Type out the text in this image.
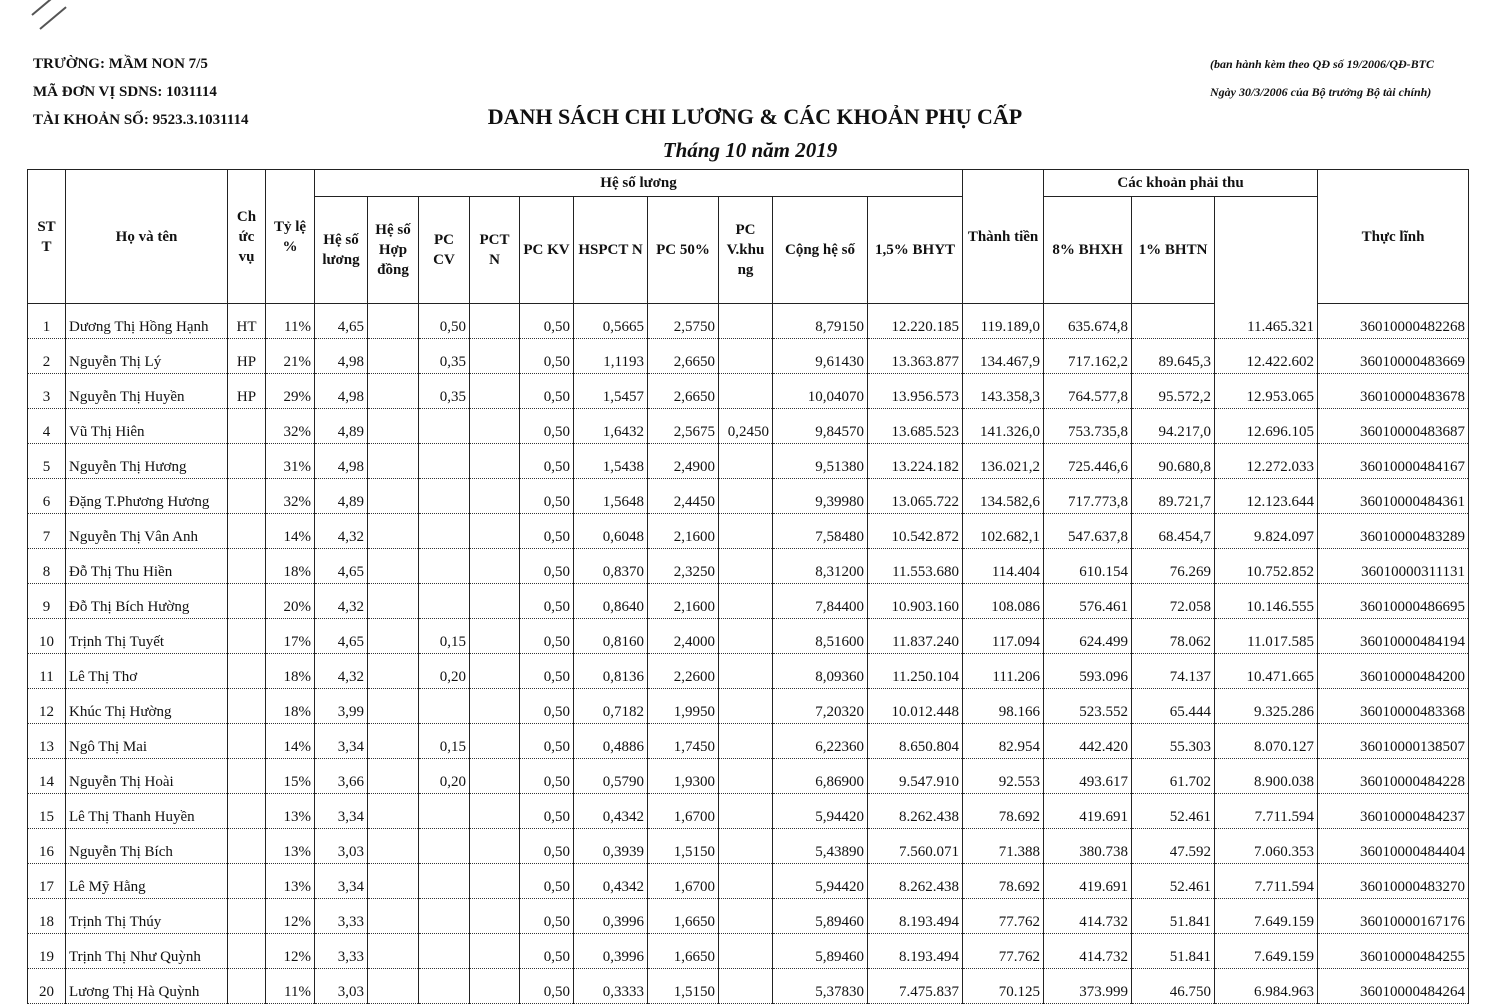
TRƯỜNG: MẦM NON 7/5
MÃ ĐƠN VỊ SDNS: 1031114
TÀI KHOẢN SỐ: 9523.3.1031114
(ban hành kèm theo QĐ số 19/2006/QĐ-BTC
Ngày 30/3/2006 của Bộ trưởng Bộ tài chính)
DANH SÁCH CHI LƯƠNG & CÁC KHOẢN PHỤ CẤP
Tháng 10 năm 2019
ST T	Họ và tên	Ch ức vụ	Tỷ lệ %	Hệ số lương										Thành tiền	Các khoản phải thu			Thực lĩnh	
				Hệ số lương	Hệ số Hợp đồng	PC CV	PCT N	PC KV	HSPCT N	PC 50%	PC V.khu ng	Cộng hệ số	1,5% BHYT		8% BHXH	1% BHTN			
1	Dương Thị Hồng Hạnh	HT	11%	4,65		0,50		0,50	0,5665	2,5750		8,79150	12.220.185	119.189,0	635.674,8		11.465.321	36010000482268	
2	Nguyễn Thị Lý	HP	21%	4,98		0,35		0,50	1,1193	2,6650		9,61430	13.363.877	134.467,9	717.162,2	89.645,3	12.422.602	36010000483669	
3	Nguyễn Thị Huyền	HP	29%	4,98		0,35		0,50	1,5457	2,6650		10,04070	13.956.573	143.358,3	764.577,8	95.572,2	12.953.065	36010000483678	
4	Vũ Thị Hiên		32%	4,89				0,50	1,6432	2,5675	0,2450	9,84570	13.685.523	141.326,0	753.735,8	94.217,0	12.696.105	36010000483687	
5	Nguyễn Thị Hương		31%	4,98				0,50	1,5438	2,4900		9,51380	13.224.182	136.021,2	725.446,6	90.680,8	12.272.033	36010000484167	
6	Đặng T.Phương Hương		32%	4,89				0,50	1,5648	2,4450		9,39980	13.065.722	134.582,6	717.773,8	89.721,7	12.123.644	36010000484361	
7	Nguyễn Thị Vân Anh		14%	4,32				0,50	0,6048	2,1600		7,58480	10.542.872	102.682,1	547.637,8	68.454,7	9.824.097	36010000483289	
8	Đỗ Thị Thu Hiền		18%	4,65				0,50	0,8370	2,3250		8,31200	11.553.680	114.404	610.154	76.269	10.752.852	36010000311131	
9	Đỗ Thị Bích Hường		20%	4,32				0,50	0,8640	2,1600		7,84400	10.903.160	108.086	576.461	72.058	10.146.555	36010000486695	
10	Trịnh Thị Tuyết		17%	4,65		0,15		0,50	0,8160	2,4000		8,51600	11.837.240	117.094	624.499	78.062	11.017.585	36010000484194	
11	Lê Thị Thơ		18%	4,32		0,20		0,50	0,8136	2,2600		8,09360	11.250.104	111.206	593.096	74.137	10.471.665	36010000484200	
12	Khúc Thị Hường		18%	3,99				0,50	0,7182	1,9950		7,20320	10.012.448	98.166	523.552	65.444	9.325.286	36010000483368	
13	Ngô Thị Mai		14%	3,34		0,15		0,50	0,4886	1,7450		6,22360	8.650.804	82.954	442.420	55.303	8.070.127	36010000138507	
14	Nguyễn Thị Hoài		15%	3,66		0,20		0,50	0,5790	1,9300		6,86900	9.547.910	92.553	493.617	61.702	8.900.038	36010000484228	
15	Lê Thị Thanh Huyền		13%	3,34				0,50	0,4342	1,6700		5,94420	8.262.438	78.692	419.691	52.461	7.711.594	36010000484237	
16	Nguyễn Thị Bích		13%	3,03				0,50	0,3939	1,5150		5,43890	7.560.071	71.388	380.738	47.592	7.060.353	36010000484404	
17	Lê Mỹ Hằng		13%	3,34				0,50	0,4342	1,6700		5,94420	8.262.438	78.692	419.691	52.461	7.711.594	36010000483270	
18	Trịnh Thị Thúy		12%	3,33				0,50	0,3996	1,6650		5,89460	8.193.494	77.762	414.732	51.841	7.649.159	36010000167176	
19	Trịnh Thị Như Quỳnh		12%	3,33				0,50	0,3996	1,6650		5,89460	8.193.494	77.762	414.732	51.841	7.649.159	36010000484255	
20	Lương Thị Hà Quỳnh		11%	3,03				0,50	0,3333	1,5150		5,37830	7.475.837	70.125	373.999	46.750	6.984.963	36010000484264	
